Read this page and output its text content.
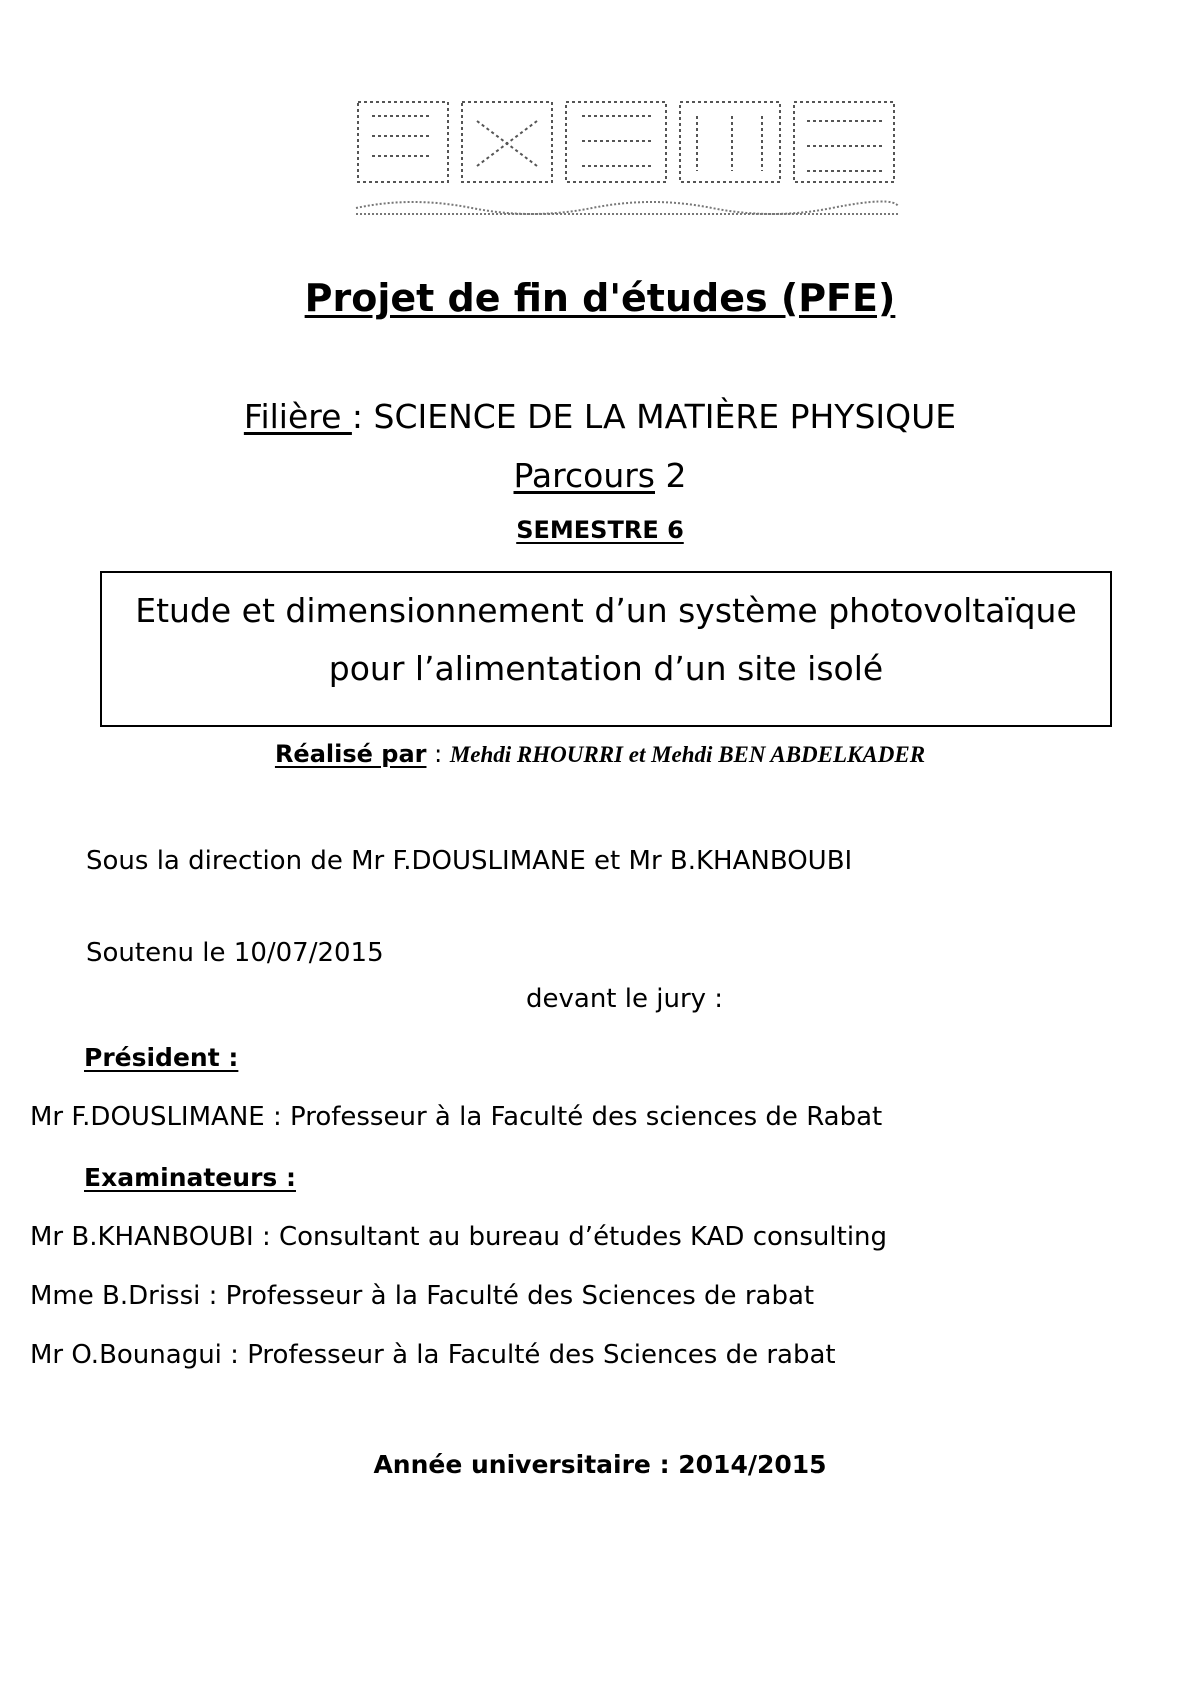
Projet de fin d'études (PFE)
Filière : SCIENCE DE LA MATIÈRE PHYSIQUE
Parcours 2
SEMESTRE 6
Etude et dimensionnement d’un système photovoltaïque
pour l’alimentation d’un site isolé
Réalisé par : Mehdi RHOURRI et Mehdi BEN ABDELKADER
Sous la direction de Mr F.DOUSLIMANE et Mr B.KHANBOUBI
Soutenu le 10/07/2015
devant le jury :
Président :
Mr F.DOUSLIMANE : Professeur à la Faculté des sciences de Rabat
Examinateurs :
Mr B.KHANBOUBI : Consultant au bureau d’études KAD consulting
Mme B.Drissi : Professeur à la Faculté des Sciences de rabat
Mr O.Bounagui : Professeur à la Faculté des Sciences de rabat
Année universitaire : 2014/2015
